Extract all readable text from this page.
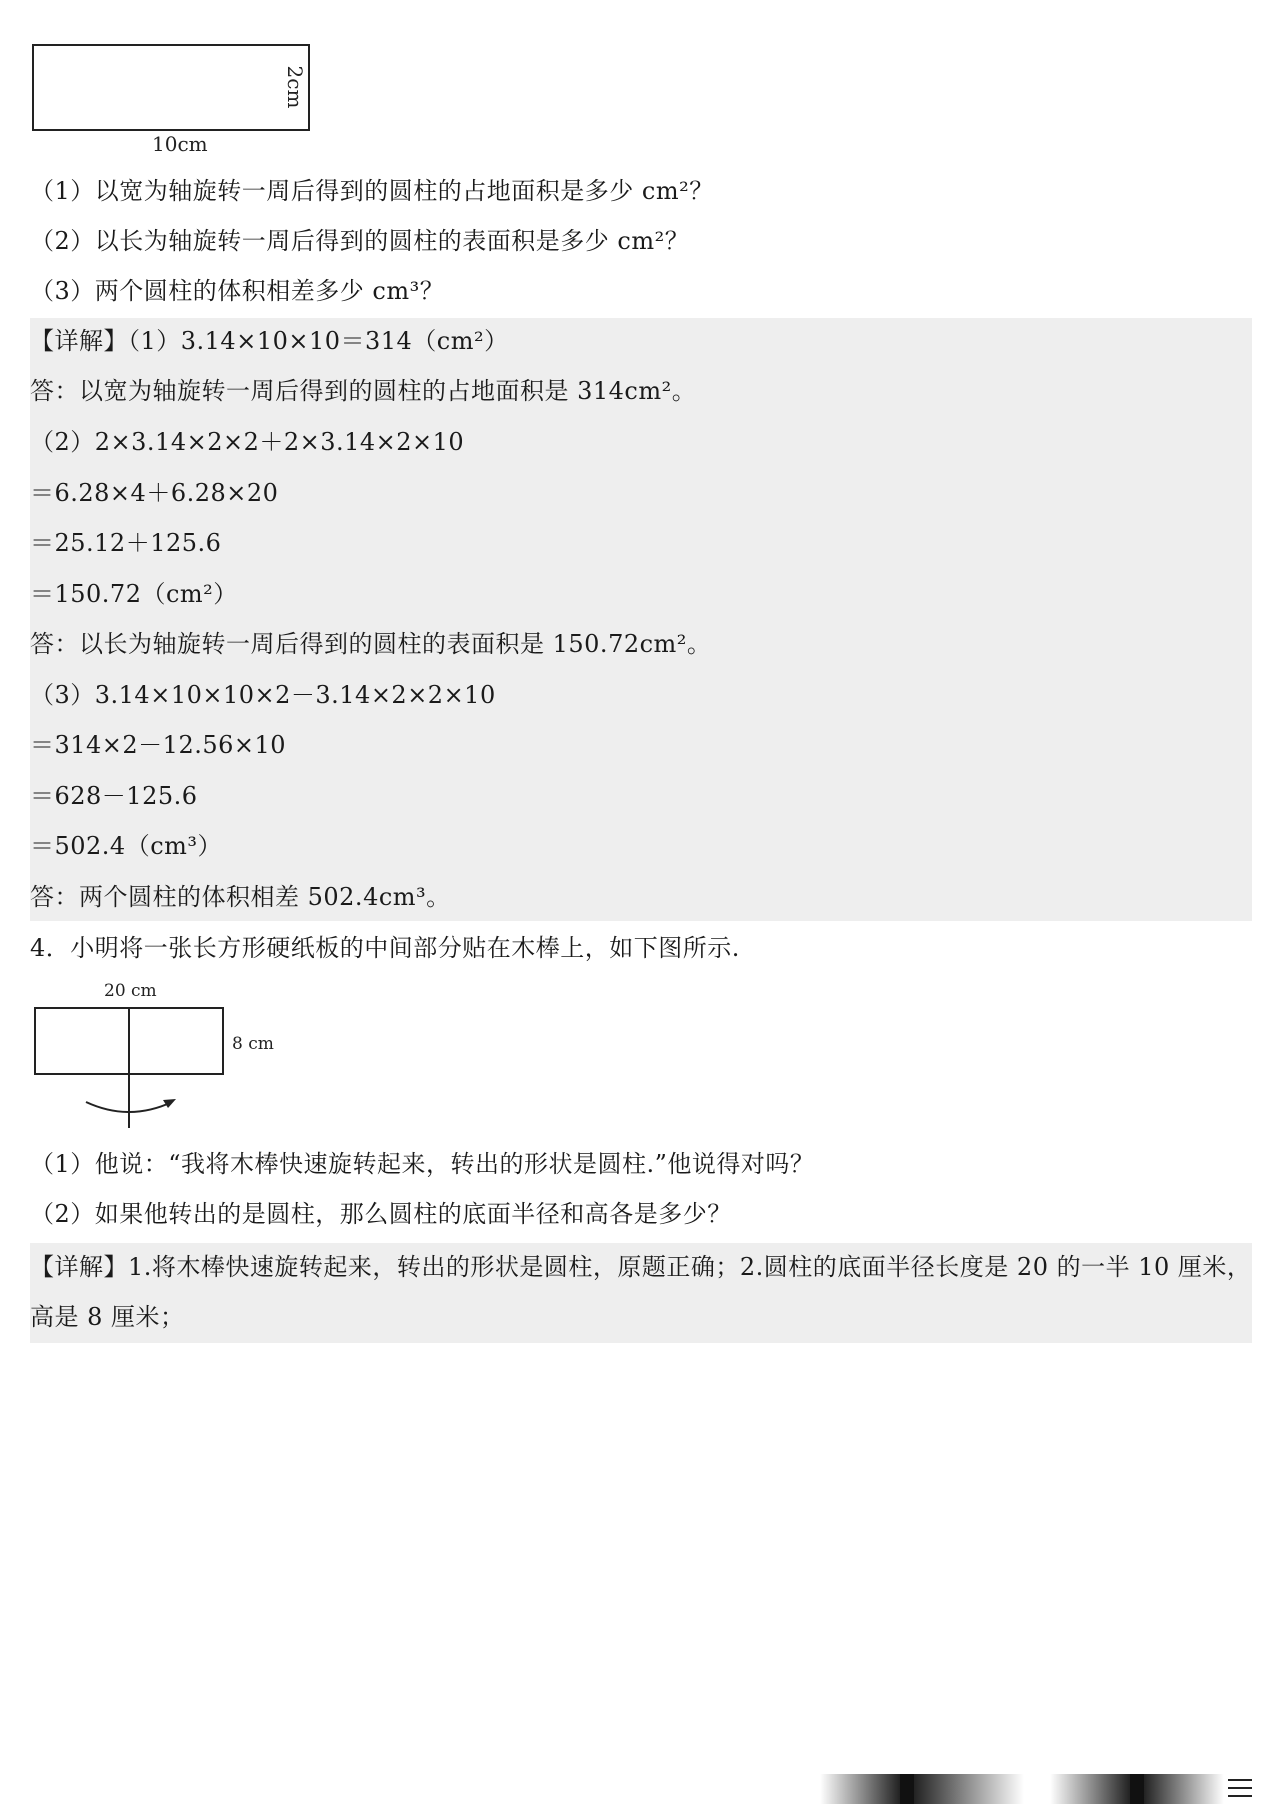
2cm
10cm
（1）以宽为轴旋转一周后得到的圆柱的占地面积是多少 cm²？
（2）以长为轴旋转一周后得到的圆柱的表面积是多少 cm²？
（3）两个圆柱的体积相差多少 cm³？
【详解】（1）3.14×10×10＝314（cm²）
答：以宽为轴旋转一周后得到的圆柱的占地面积是 314cm²。
（2）2×3.14×2×2＋2×3.14×2×10
＝6.28×4＋6.28×20
＝25.12＋125.6
＝150.72（cm²）
答：以长为轴旋转一周后得到的圆柱的表面积是 150.72cm²。
（3）3.14×10×10×2－3.14×2×2×10
＝314×2－12.56×10
＝628－125.6
＝502.4（cm³）
答：两个圆柱的体积相差 502.4cm³。
4．小明将一张长方形硬纸板的中间部分贴在木棒上，如下图所示.
20 cm
8 cm
（1）他说：“我将木棒快速旋转起来，转出的形状是圆柱.”他说得对吗？
（2）如果他转出的是圆柱，那么圆柱的底面半径和高各是多少？
【详解】1.将木棒快速旋转起来，转出的形状是圆柱，原题正确；2.圆柱的底面半径长度是 20 的一半 10 厘米，
高是 8 厘米；
